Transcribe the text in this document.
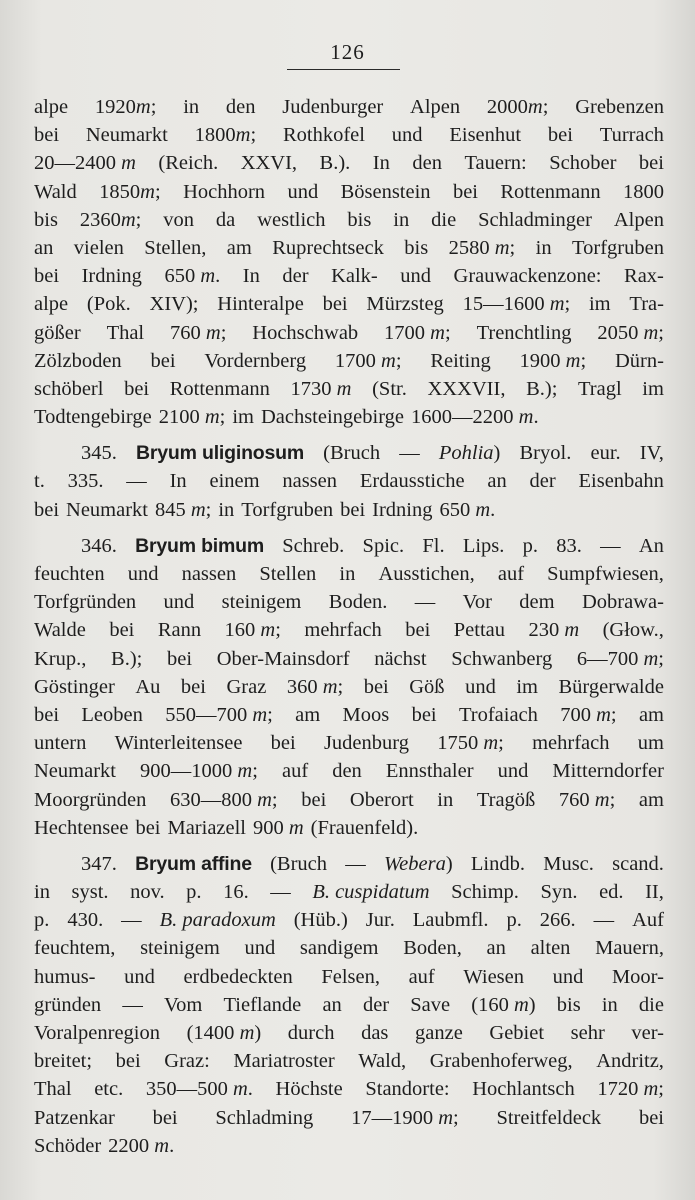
126
alpe 1920m; in den Judenburger Alpen 2000m; Grebenzen
bei Neumarkt 1800m; Rothkofel und Eisenhut bei Turrach
20—2400 m (Reich. XXVI, B.). In den Tauern: Schober bei
Wald 1850m; Hochhorn und Bösenstein bei Rottenmann 1800
bis 2360m; von da westlich bis in die Schladminger Alpen
an vielen Stellen, am Ruprechtseck bis 2580 m; in Torfgruben
bei Irdning 650 m. In der Kalk- und Grauwackenzone: Rax-
alpe (Pok. XIV); Hinteralpe bei Mürzsteg 15—1600 m; im Tra-
gößer Thal 760 m; Hochschwab 1700 m; Trenchtling 2050 m;
Zölzboden bei Vordernberg 1700 m; Reiting 1900 m; Dürn-
schöberl bei Rottenmann 1730 m (Str. XXXVII, B.); Tragl im
Todtengebirge 2100 m; im Dachsteingebirge 1600—2200 m.
345. Bryum uliginosum (Bruch — Pohlia) Bryol. eur. IV,
t. 335. — In einem nassen Erdausstiche an der Eisenbahn
bei Neumarkt 845 m; in Torfgruben bei Irdning 650 m.
346. Bryum bimum Schreb. Spic. Fl. Lips. p. 83. — An
feuchten und nassen Stellen in Ausstichen, auf Sumpfwiesen,
Torfgründen und steinigem Boden. — Vor dem Dobrawa-
Walde bei Rann 160 m; mehrfach bei Pettau 230 m (Głow.,
Krup., B.); bei Ober-Mainsdorf nächst Schwanberg 6—700 m;
Göstinger Au bei Graz 360 m; bei Göß und im Bürgerwalde
bei Leoben 550—700 m; am Moos bei Trofaiach 700 m; am
untern Winterleitensee bei Judenburg 1750 m; mehrfach um
Neumarkt 900—1000 m; auf den Ennsthaler und Mitterndorfer
Moorgründen 630—800 m; bei Oberort in Tragöß 760 m; am
Hechtensee bei Mariazell 900 m (Frauenfeld).
347. Bryum affine (Bruch — Webera) Lindb. Musc. scand.
in syst. nov. p. 16. — B. cuspidatum Schimp. Syn. ed. II,
p. 430. — B. paradoxum (Hüb.) Jur. Laubmfl. p. 266. — Auf
feuchtem, steinigem und sandigem Boden, an alten Mauern,
humus- und erdbedeckten Felsen, auf Wiesen und Moor-
gründen — Vom Tieflande an der Save (160 m) bis in die
Voralpenregion (1400 m) durch das ganze Gebiet sehr ver-
breitet; bei Graz: Mariatroster Wald, Grabenhoferweg, Andritz,
Thal etc. 350—500 m. Höchste Standorte: Hochlantsch 1720 m;
Patzenkar bei Schladming 17—1900 m; Streitfeldeck bei
Schöder 2200 m.
